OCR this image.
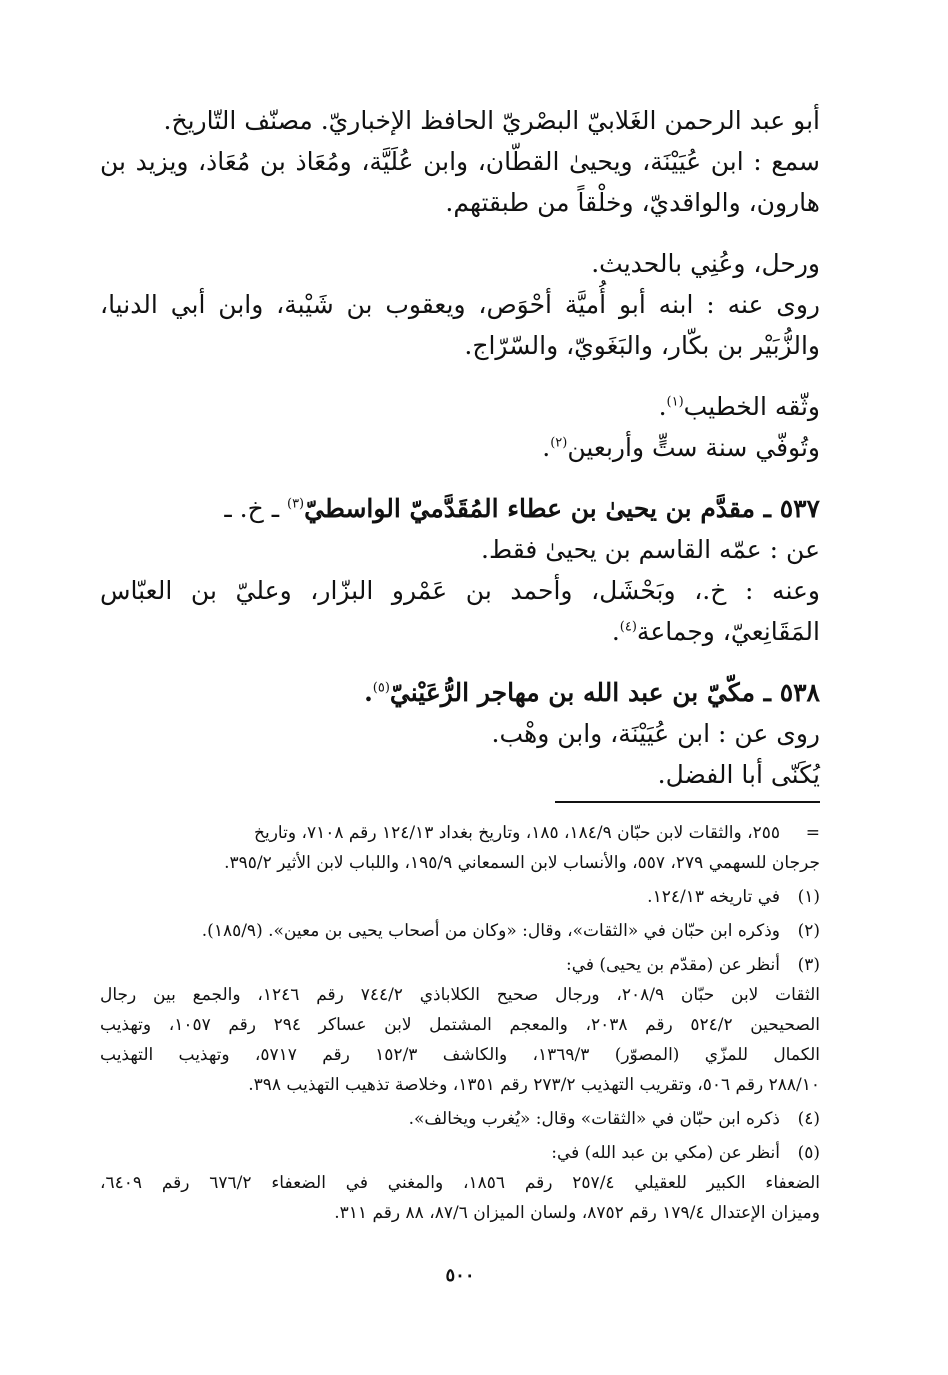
أبو عبد الرحمن الغَلابيّ البصْريّ الحافظ الإخباريّ. مصنّف التّاريخ.
سمع : ابن عُيَيْنَة، ويحيىٰ القطّان، وابن عُلَيَّة، ومُعَاذ بن مُعَاذ، ويزيد بن
هارون، والواقديّ، وخلْقاً من طبقتهم.
ورحل، وعُنِي بالحديث.
روى عنه : ابنه أبو أُميَّة أحْوَص، ويعقوب بن شَيْبة، وابن أبي الدنيا،
والزُّبَيْر بن بكّار، والبَغَويّ، والسّرّاج.
وثّقه الخطيب$^{(١)}$.
وتُوفّي سنة ستٍّ وأربعين$^{(٢)}$.
٥٣٧ ـ مقدَّم بن يحيىٰ بن عطاء المُقَدَّميّ الواسطيّ$^{(٣)}$ ـ خ. ـ
عن : عمّه القاسم بن يحيىٰ فقط.
وعنه : خ.، وبَحْشَل، وأحمد بن عَمْرو البزّار، وعليّ بن العبّاس
المَقَانِعيّ، وجماعة$^{(٤)}$.
٥٣٨ ـ مكّيّ بن عبد الله بن مهاجر الرُّعَيْنيّ$^{(٥)}$.
روى عن : ابن عُيَيْنَة، وابن وهْب.
يُكَنّى أبا الفضل.
=
٢٥٥، والثقات لابن حبّان ١٨٤/٩، ١٨٥، وتاريخ بغداد ١٢٤/١٣ رقم ٧١٠٨، وتاريخ
جرجان للسهمي ٢٧٩، ٥٥٧، والأنساب لابن السمعاني ١٩٥/٩، واللباب لابن الأثير ٣٩٥/٢.
(١)
في تاريخه ١٢٤/١٣.
(٢)
وذكره ابن حبّان في «الثقات»، وقال: «وكان من أصحاب يحيى بن معين». (١٨٥/٩).
(٣)
أنظر عن (مقدّم بن يحيى) في:
الثقات لابن حبّان ٢٠٨/٩، ورجال صحيح الكلاباذي ٧٤٤/٢ رقم ١٢٤٦، والجمع بين رجال
الصحيحين ٥٢٤/٢ رقم ٢٠٣٨، والمعجم المشتمل لابن عساكر ٢٩٤ رقم ١٠٥٧، وتهذيب
الكمال للمزّي (المصوّر) ١٣٦٩/٣، والكاشف ١٥٢/٣ رقم ٥٧١٧، وتهذيب التهذيب
٢٨٨/١٠ رقم ٥٠٦، وتقريب التهذيب ٢٧٣/٢ رقم ١٣٥١، وخلاصة تذهيب التهذيب ٣٩٨.
(٤)
ذكره ابن حبّان في «الثقات» وقال: «يُغرب ويخالف».
(٥)
أنظر عن (مكي بن عبد الله) في:
الضعفاء الكبير للعقيلي ٢٥٧/٤ رقم ١٨٥٦، والمغني في الضعفاء ٦٧٦/٢ رقم ٦٤٠٩،
وميزان الإعتدال ١٧٩/٤ رقم ٨٧٥٢، ولسان الميزان ٨٧/٦، ٨٨ رقم ٣١١.
٥٠٠
